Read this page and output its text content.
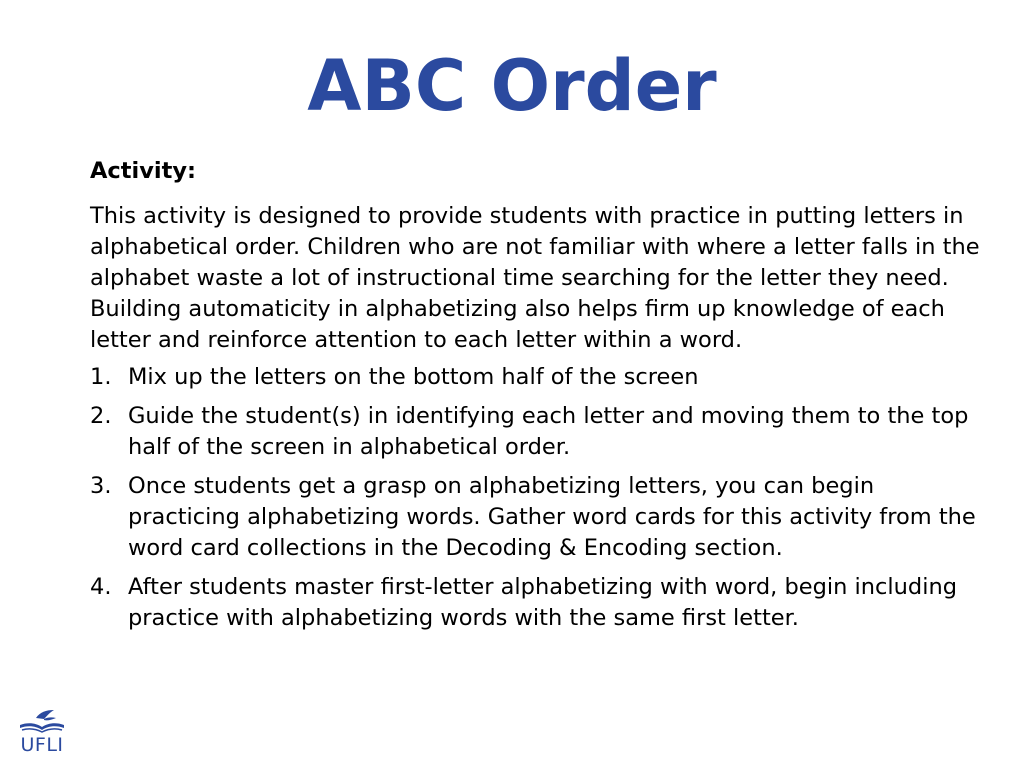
ABC Order

Activity:

This activity is designed to provide students with practice in putting letters in alphabetical order. Children who are not familiar with where a letter falls in the alphabet waste a lot of instructional time searching for the letter they need. Building automaticity in alphabetizing also helps firm up knowledge of each letter and reinforce attention to each letter within a word.

1. Mix up the letters on the bottom half of the screen
2. Guide the student(s) in identifying each letter and moving them to the top half of the screen in alphabetical order.
3. Once students get a grasp on alphabetizing letters, you can begin practicing alphabetizing words. Gather word cards for this activity from the word card collections in the Decoding & Encoding section.
4. After students master first-letter alphabetizing with word, begin including practice with alphabetizing words with the same first letter.
UFLI
